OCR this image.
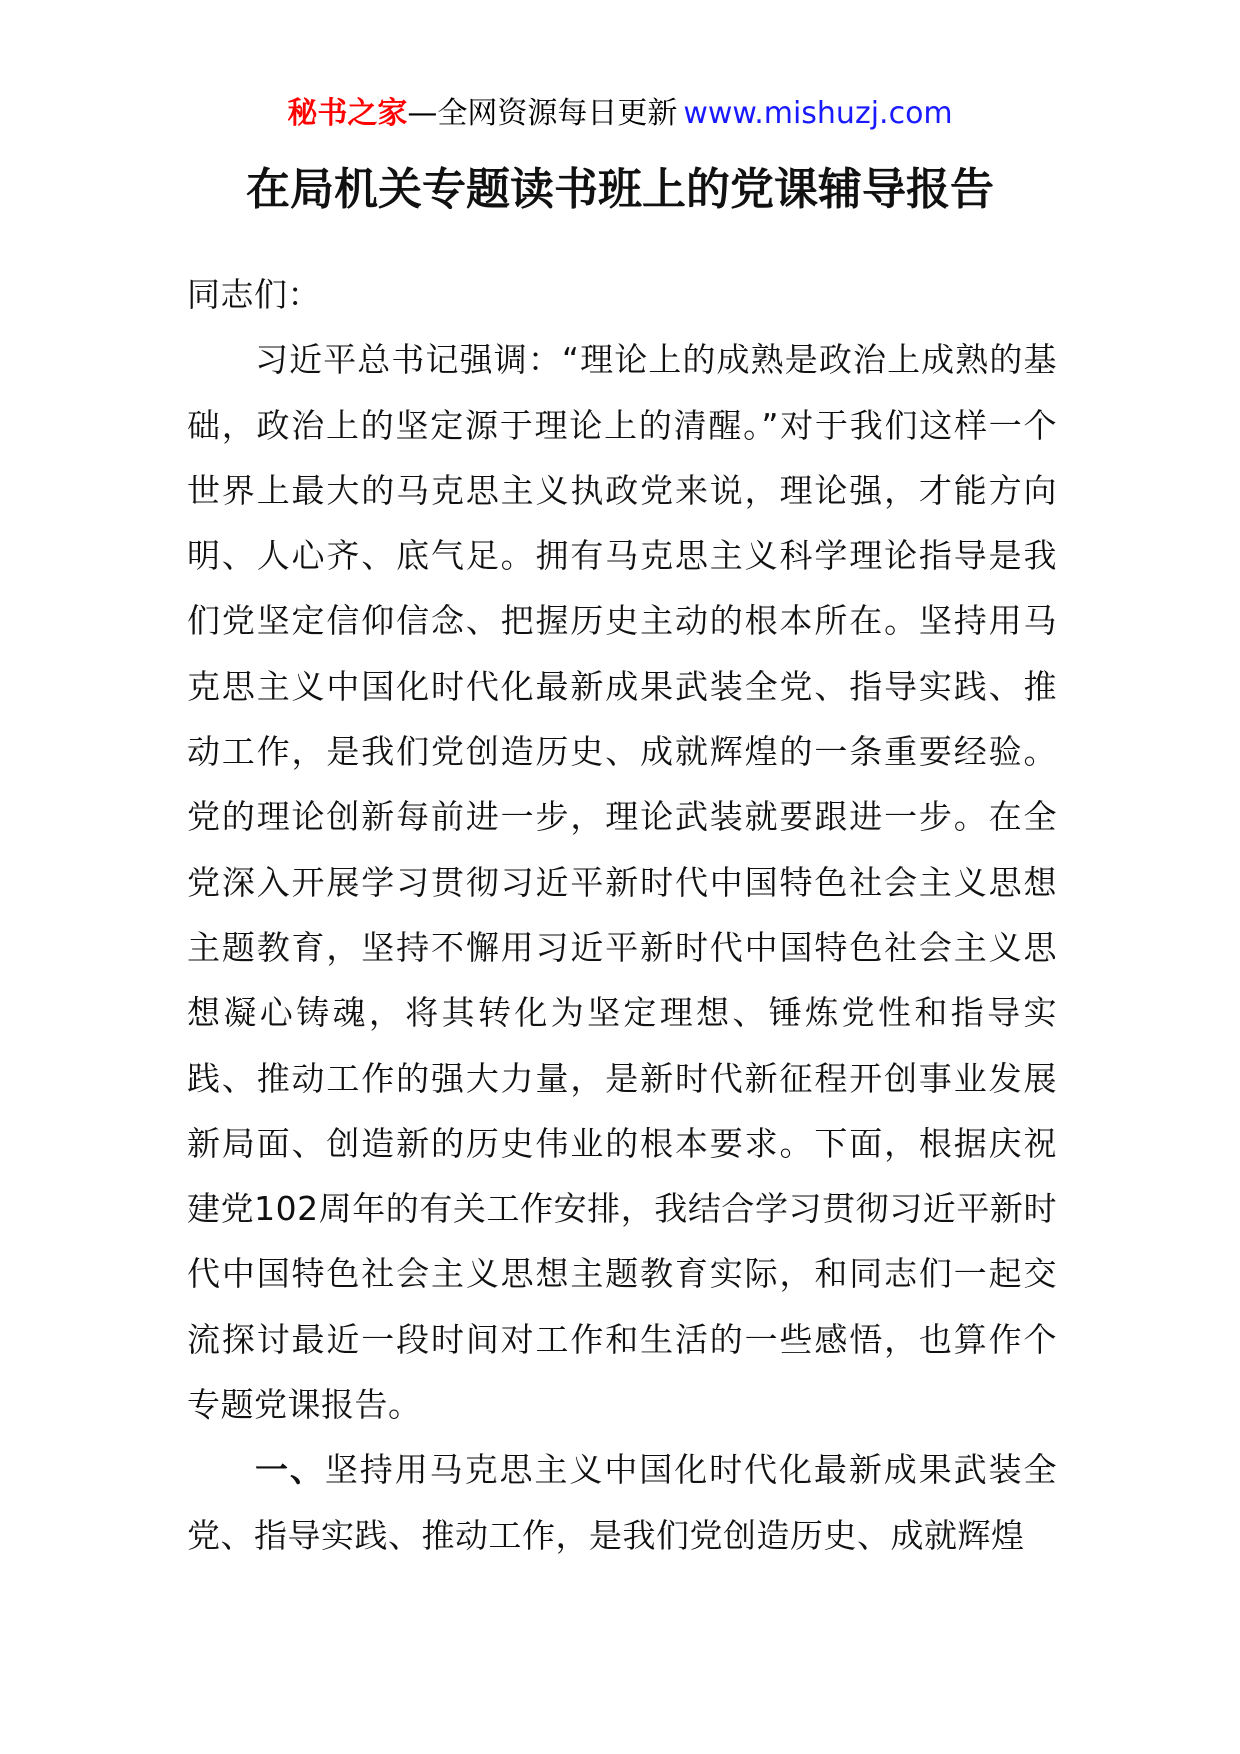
秘书之家—全网资源每日更新 www.mishuzj.com
在局机关专题读书班上的党课辅导报告

同志们：

习近平总书记强调：“理论上的成熟是政治上成熟的基础，政治上的坚定源于理论上的清醒。”对于我们这样一个世界上最大的马克思主义执政党来说，理论强，才能方向明、人心齐、底气足。拥有马克思主义科学理论指导是我们党坚定信仰信念、把握历史主动的根本所在。坚持用马克思主义中国化时代化最新成果武装全党、指导实践、推动工作，是我们党创造历史、成就辉煌的一条重要经验。党的理论创新每前进一步，理论武装就要跟进一步。在全党深入开展学习贯彻习近平新时代中国特色社会主义思想主题教育，坚持不懈用习近平新时代中国特色社会主义思想凝心铸魂，将其转化为坚定理想、锤炼党性和指导实践、推动工作的强大力量，是新时代新征程开创事业发展新局面、创造新的历史伟业的根本要求。下面，根据庆祝建党102周年的有关工作安排，我结合学习贯彻习近平新时代中国特色社会主义思想主题教育实际，和同志们一起交流探讨最近一段时间对工作和生活的一些感悟，也算作个专题党课报告。

一、坚持用马克思主义中国化时代化最新成果武装全党、指导实践、推动工作，是我们党创造历史、成就辉煌
